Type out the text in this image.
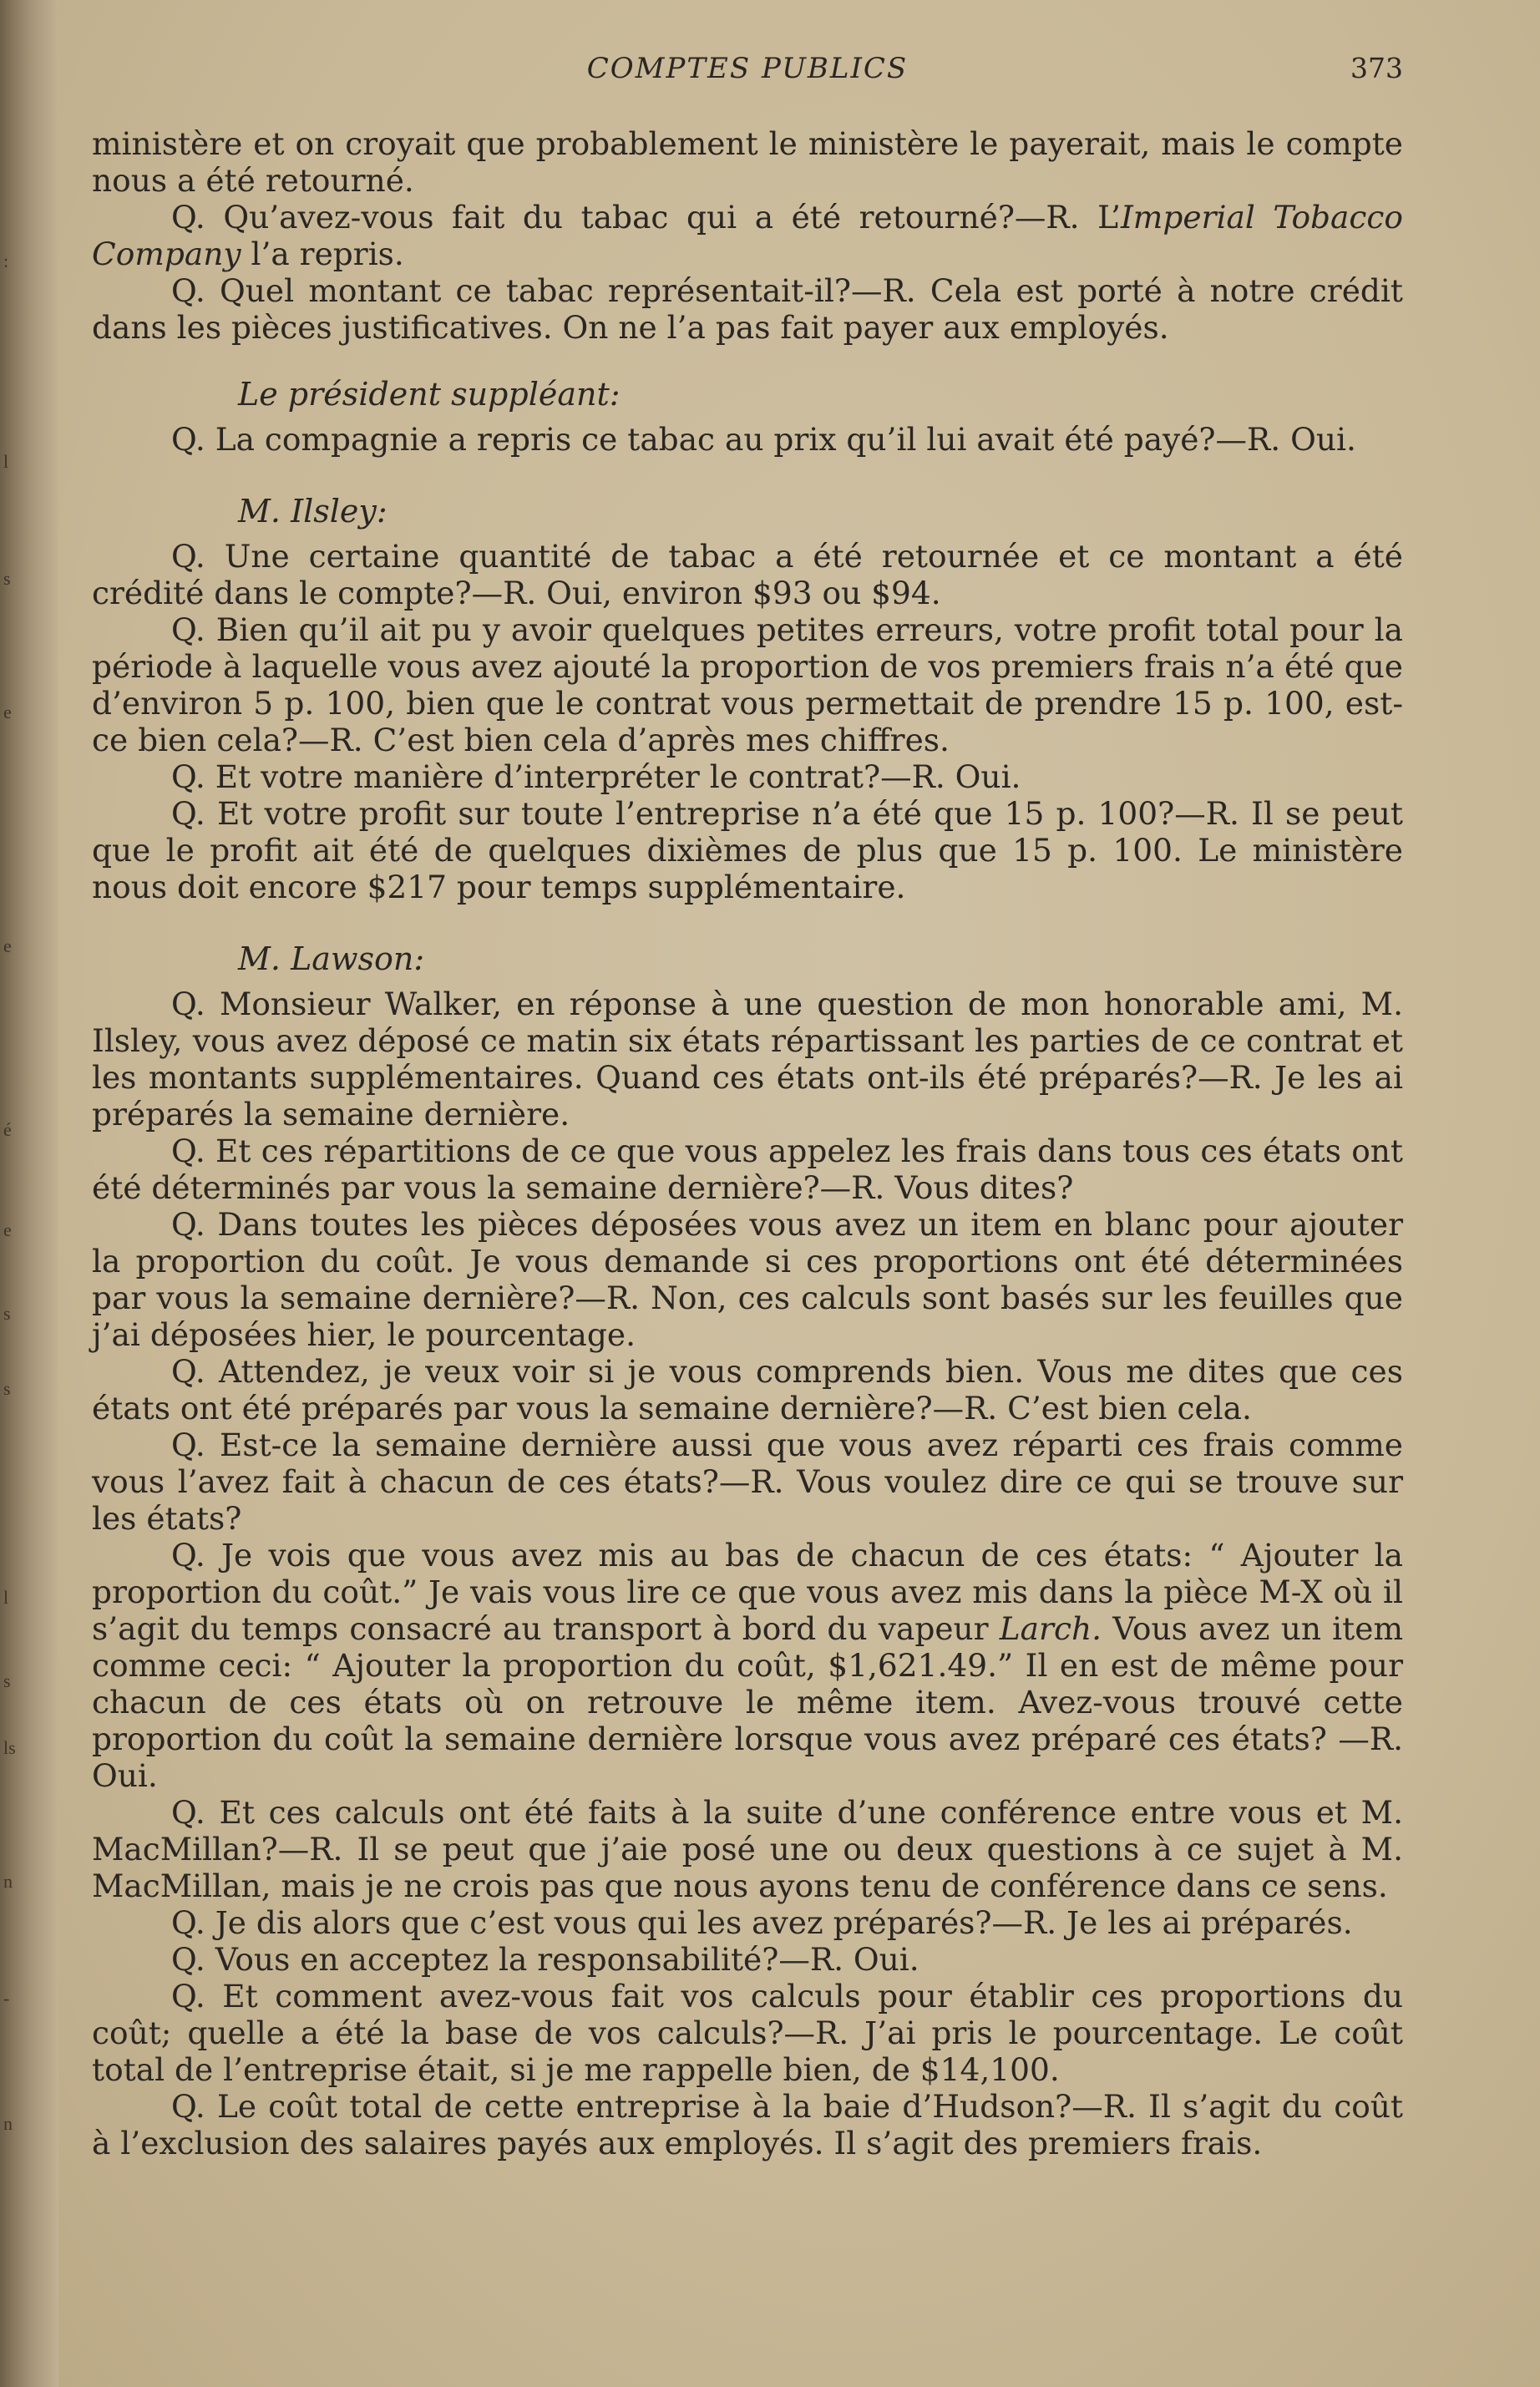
:
l
s
e
e
é
e
s
s
l
s
ls
n
-
n
COMPTES PUBLICS	373

ministère et on croyait que probablement le ministère le payerait, mais le compte nous a été retourné.

Q. Qu’avez-vous fait du tabac qui a été retourné?—R. L’Imperial Tobacco Company l’a repris.

Q. Quel montant ce tabac représentait-il?—R. Cela est porté à notre crédit dans les pièces justificatives. On ne l’a pas fait payer aux employés.

Le président suppléant:

Q. La compagnie a repris ce tabac au prix qu’il lui avait été payé?—R. Oui.

M. Ilsley:

Q. Une certaine quantité de tabac a été retournée et ce montant a été crédité dans le compte?—R. Oui, environ $93 ou $94.

Q. Bien qu’il ait pu y avoir quelques petites erreurs, votre profit total pour la période à laquelle vous avez ajouté la proportion de vos premiers frais n’a été que d’environ 5 p. 100, bien que le contrat vous permettait de prendre 15 p. 100, est-ce bien cela?—R. C’est bien cela d’après mes chiffres.

Q. Et votre manière d’interpréter le contrat?—R. Oui.

Q. Et votre profit sur toute l’entreprise n’a été que 15 p. 100?—R. Il se peut que le profit ait été de quelques dixièmes de plus que 15 p. 100. Le ministère nous doit encore $217 pour temps supplémentaire.

M. Lawson:

Q. Monsieur Walker, en réponse à une question de mon honorable ami, M. Ilsley, vous avez déposé ce matin six états répartissant les parties de ce contrat et les montants supplémentaires. Quand ces états ont-ils été préparés?—R. Je les ai préparés la semaine dernière.

Q. Et ces répartitions de ce que vous appelez les frais dans tous ces états ont été déterminés par vous la semaine dernière?—R. Vous dites?

Q. Dans toutes les pièces déposées vous avez un item en blanc pour ajouter la proportion du coût. Je vous demande si ces proportions ont été déterminées par vous la semaine dernière?—R. Non, ces calculs sont basés sur les feuilles que j’ai déposées hier, le pourcentage.

Q. Attendez, je veux voir si je vous comprends bien. Vous me dites que ces états ont été préparés par vous la semaine dernière?—R. C’est bien cela.

Q. Est-ce la semaine dernière aussi que vous avez réparti ces frais comme vous l’avez fait à chacun de ces états?—R. Vous voulez dire ce qui se trouve sur les états?

Q. Je vois que vous avez mis au bas de chacun de ces états: “ Ajouter la proportion du coût.” Je vais vous lire ce que vous avez mis dans la pièce M-X où il s’agit du temps consacré au transport à bord du vapeur Larch. Vous avez un item comme ceci: “ Ajouter la proportion du coût, $1,621.49.” Il en est de même pour chacun de ces états où on retrouve le même item. Avez-vous trouvé cette proportion du coût la semaine dernière lorsque vous avez préparé ces états? —R. Oui.

Q. Et ces calculs ont été faits à la suite d’une conférence entre vous et M. MacMillan?—R. Il se peut que j’aie posé une ou deux questions à ce sujet à M. MacMillan, mais je ne crois pas que nous ayons tenu de conférence dans ce sens.

Q. Je dis alors que c’est vous qui les avez préparés?—R. Je les ai préparés.

Q. Vous en acceptez la responsabilité?—R. Oui.

Q. Et comment avez-vous fait vos calculs pour établir ces proportions du coût; quelle a été la base de vos calculs?—R. J’ai pris le pourcentage. Le coût total de l’entreprise était, si je me rappelle bien, de $14,100.

Q. Le coût total de cette entreprise à la baie d’Hudson?—R. Il s’agit du coût à l’exclusion des salaires payés aux employés. Il s’agit des premiers frais.
